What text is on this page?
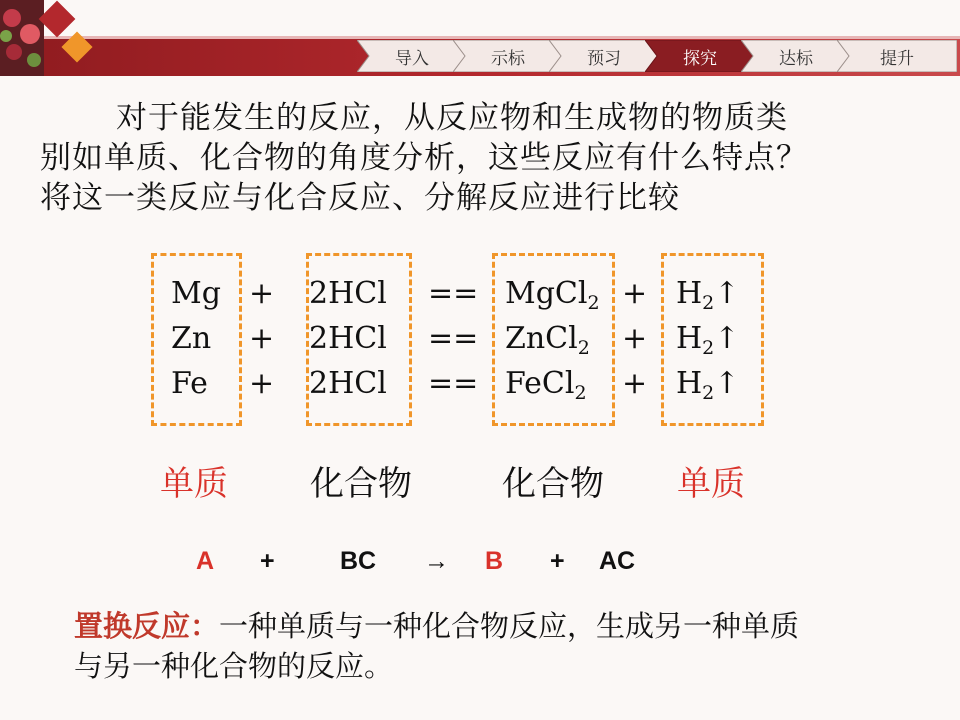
导入	示标	预习	探究	达标	提升
对于能发生的反应，从反应物和生成物的物质类
别如单质、化合物的角度分析，这些反应有什么特点？
将这一类反应与化合反应、分解反应进行比较
Mg + 2HCl == MgCl$_2$ + $H_2↑$
Zn + 2HCl == ZnCl$_2$ + $H_2↑$
Fe + 2HCl == FeCl$_2$ + $H_2↑$
单质 化合物	化合物 单质
A +	BC → B + AC
置换反应：一种单质与一种化合物反应，生成另一种单质
与另一种化合物的反应。
